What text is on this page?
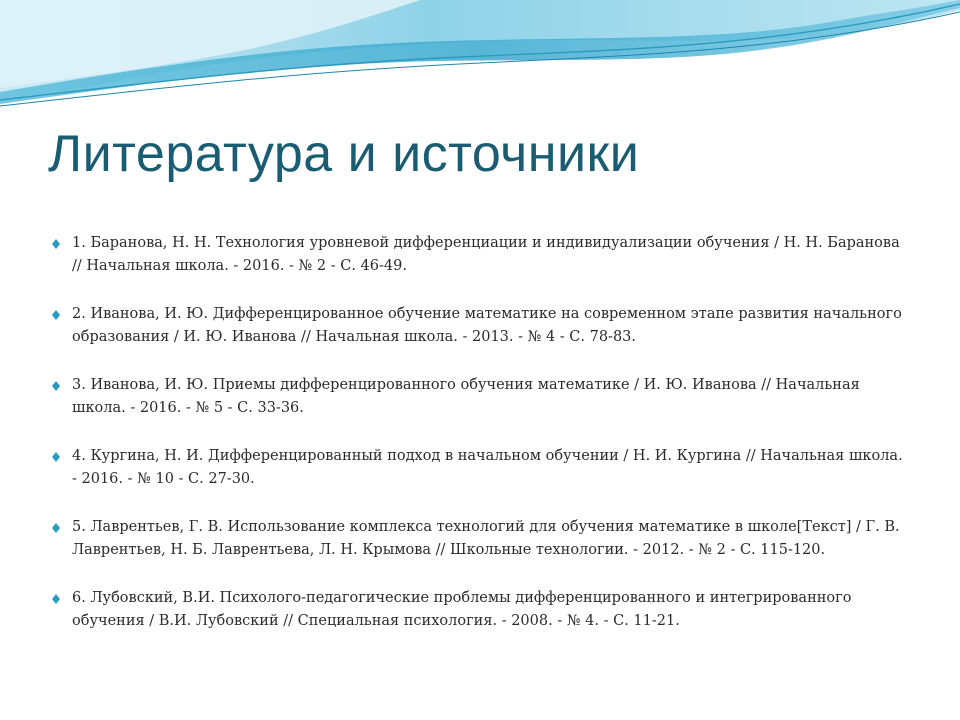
Литература и источники
1. Баранова, Н. Н. Технология уровневой дифференциации и индивидуализации обучения / Н. Н. Баранова // Начальная школа. - 2016. - № 2 - С. 46-49.
2. Иванова, И. Ю. Дифференцированное обучение математике на современном этапе развития начального образования / И. Ю. Иванова // Начальная школа. - 2013. - № 4 - С. 78-83.
3. Иванова, И. Ю. Приемы дифференцированного обучения математике / И. Ю. Иванова // Начальная школа. - 2016. - № 5 - С. 33-36.
4. Кургина, Н. И. Дифференцированный подход в начальном обучении / Н. И. Кургина // Начальная школа. - 2016. - № 10 - С. 27-30.
5. Лаврентьев, Г. В. Использование комплекса технологий для обучения математике в школе[Текст] / Г. В. Лаврентьев, Н. Б. Лаврентьева, Л. Н. Крымова // Школьные технологии. - 2012. - № 2 - С. 115-120.
6. Лубовский, В.И. Психолого-педагогические проблемы дифференцированного и интегрированного обучения / В.И. Лубовский // Специальная психология. - 2008. - № 4. - С. 11-21.
